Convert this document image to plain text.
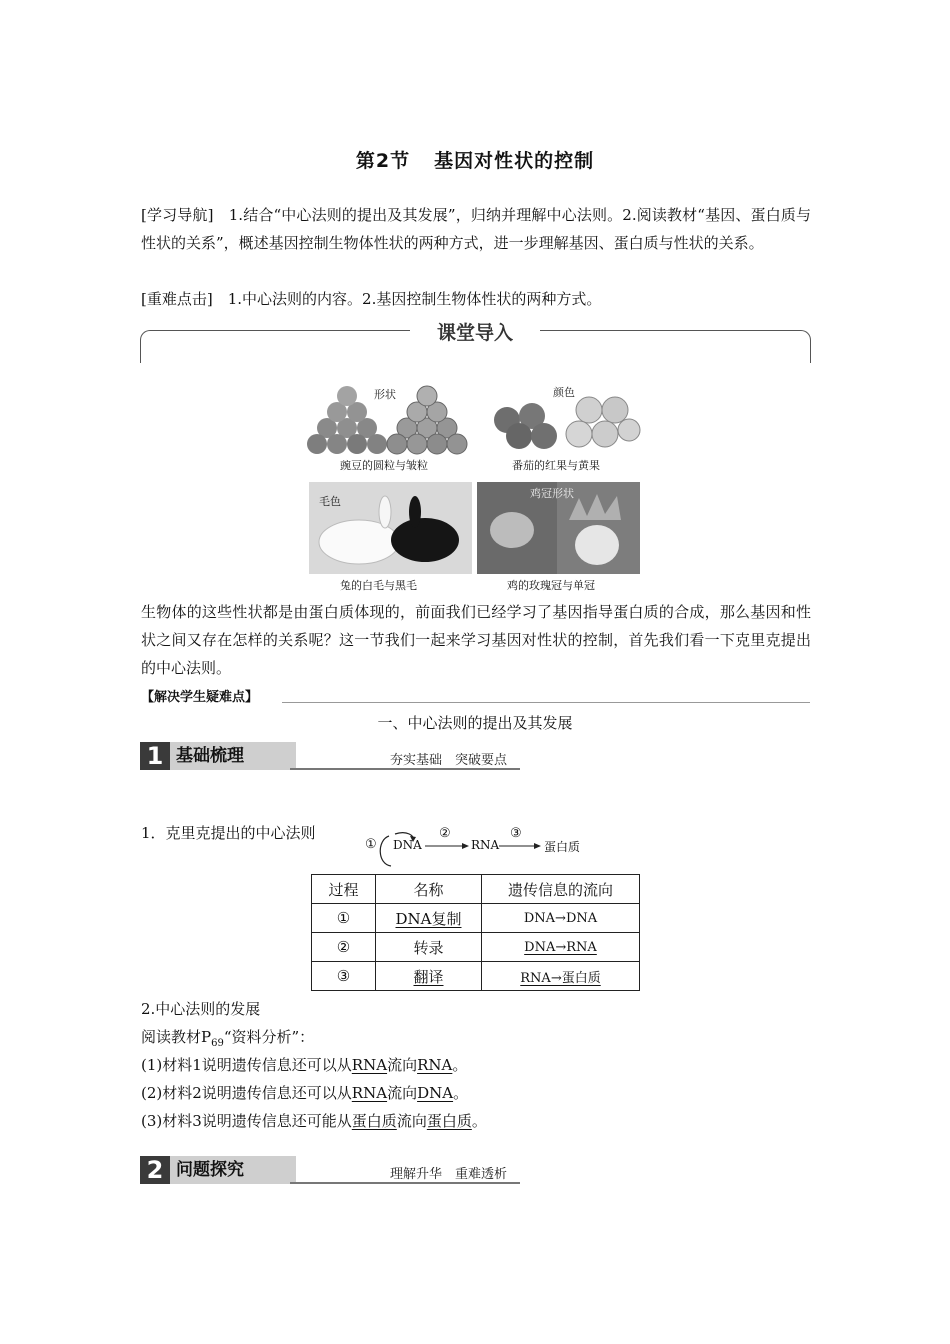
第2节 基因对性状的控制
[学习导航]　 1.结合“中心法则的提出及其发展”，归纳并理解中心法则。2.阅读教材“基因、蛋白质与性状的关系”，概述基因控制生物体性状的两种方式，进一步理解基因、蛋白质与性状的关系。
[重难点击]　 1.中心法则的内容。2.基因控制生物体性状的两种方式。
课堂导入
形状	颜色
豌豆的圆粒与皱粒	番茄的红果与黄果
毛色
鸡冠形状
兔的白毛与黑毛	鸡的玫瑰冠与单冠
生物体的这些性状都是由蛋白质体现的，前面我们已经学习了基因指导蛋白质的合成，那么基因和性状之间又存在怎样的关系呢？这一节我们一起来学习基因对性状的控制，首先我们看一下克里克提出的中心法则。
【解决学生疑难点】
一、中心法则的提出及其发展
1 基础梳理	夯实基础　突破要点
1．克里克提出的中心法则
① DNA
②
RNA
③
蛋白质
过程	名称	遗传信息的流向
①	DNA复制	DNA→DNA
②	转录	DNA→RNA
③	翻译	RNA→蛋白质
2.中心法则的发展
阅读教材$P_{69}“$资料分析”：
(1)材料1说明遗传信息还可以从RNA流向RNA。
(2)材料2说明遗传信息还可以从RNA流向DNA。
(3)材料3说明遗传信息还可能从蛋白质流向蛋白质。
2 问题探究	理解升华　重难透析
